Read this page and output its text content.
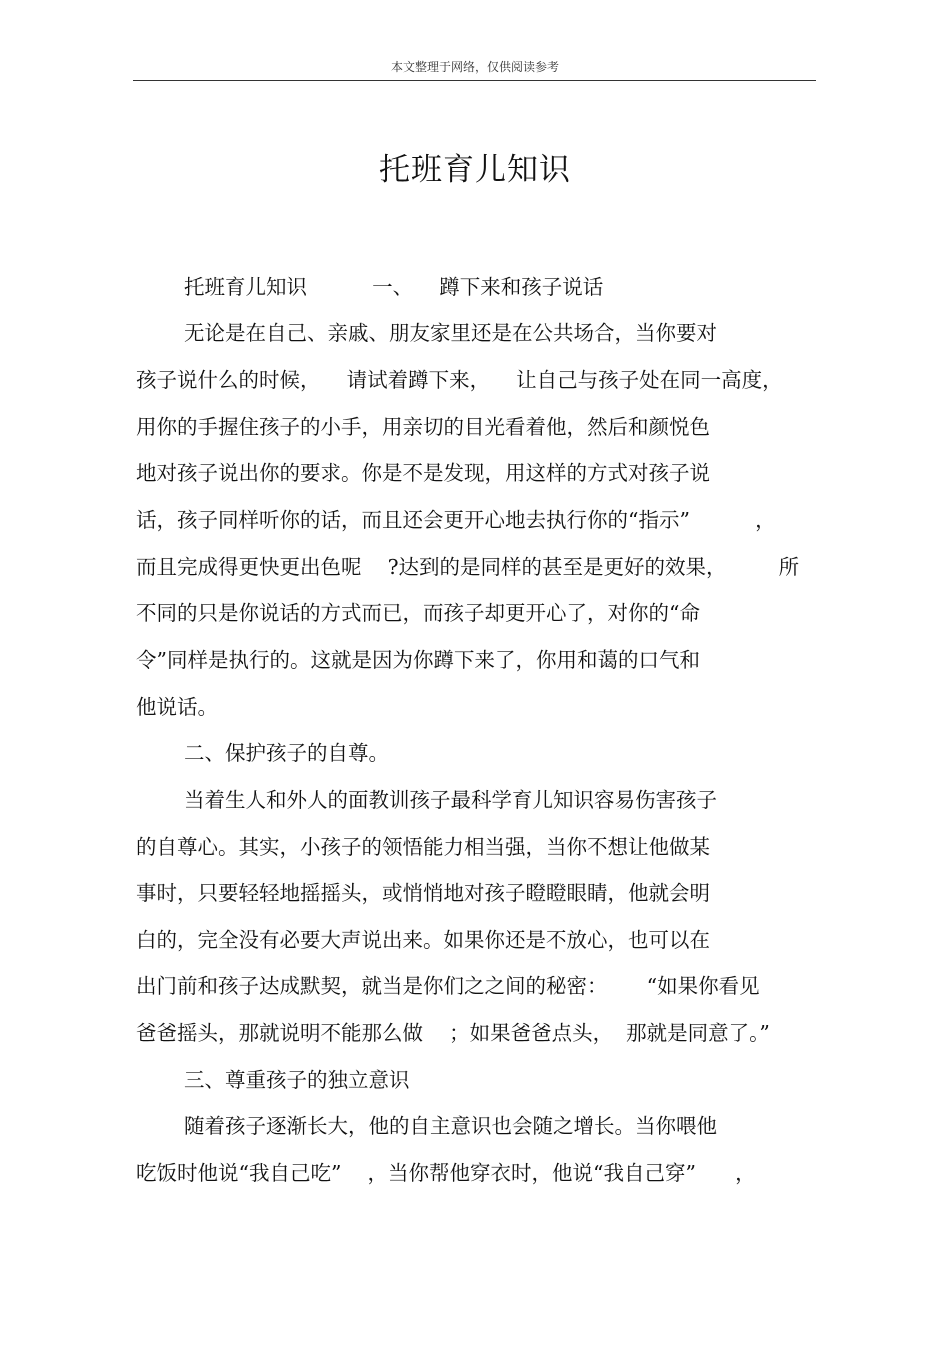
本文整理于网络，仅供阅读参考
托班育儿知识
托班育儿知识          一、    蹲下来和孩子说话
无论是在自己、亲戚、朋友家里还是在公共场合，当你要对
孩子说什么的时候，    请试着蹲下来，    让自己与孩子处在同一高度，
用你的手握住孩子的小手，用亲切的目光看着他，然后和颜悦色
地对孩子说出你的要求。你是不是发现，用这样的方式对孩子说
话，孩子同样听你的话，而且还会更开心地去执行你的“指示”          ，
而且完成得更快更出色呢    ?达到的是同样的甚至是更好的效果，        所
不同的只是你说话的方式而已，而孩子却更开心了，对你的“命
令”同样是执行的。这就是因为你蹲下来了，你用和蔼的口气和
他说话。
二、保护孩子的自尊。
当着生人和外人的面教训孩子最科学育儿知识容易伤害孩子
的自尊心。其实，小孩子的领悟能力相当强，当你不想让他做某
事时，只要轻轻地摇摇头，或悄悄地对孩子瞪瞪眼睛，他就会明
白的，完全没有必要大声说出来。如果你还是不放心，也可以在
出门前和孩子达成默契，就当是你们之之间的秘密：      “如果你看见
爸爸摇头，那就说明不能那么做    ；如果爸爸点头，  那就是同意了。”
三、尊重孩子的独立意识
随着孩子逐渐长大，他的自主意识也会随之增长。当你喂他
吃饭时他说“我自己吃”    ，当你帮他穿衣时，他说“我自己穿”      ，
